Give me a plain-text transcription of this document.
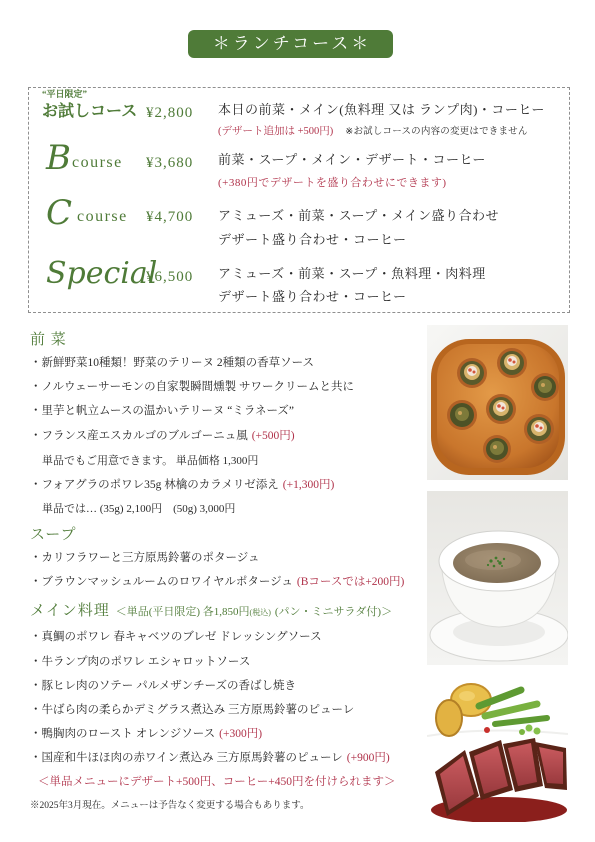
＊ランチコース＊
“平日限定”
お試しコース ¥2,800 本日の前菜・メイン(魚料理 又は ランプ肉)・コーヒー
(デザート追加は +500円) ※お試しコースの内容の変更はできません
B course ¥3,680 前菜・スープ・メイン・デザート・コーヒー
(+380円でデザートを盛り合わせにできます)
C course ¥4,700 アミューズ・前菜・スープ・メイン盛り合わせ
デザート盛り合わせ・コーヒー
Special
¥6,500 アミューズ・前菜・スープ・魚料理・肉料理
デザート盛り合わせ・コーヒー
前 菜
・新鮮野菜10種類！野菜のテリーヌ 2種類の香草ソース
・ノルウェーサーモンの自家製瞬間燻製 サワークリームと共に
・里芋と帆立ムースの温かいテリーヌ “ミラネーズ”
・フランス産エスカルゴのブルゴーニュ風 (+500円)
単品でもご用意できます。 単品価格 1,300円
・フォアグラのポワレ35g 林檎のカラメリゼ添え (+1,300円)
単品では… (35g) 2,100円　(50g) 3,000円
スープ
・カリフラワーと三方原馬鈴薯のポタージュ
・ブラウンマッシュルームのロワイヤルポタージュ (Bコースでは+200円)
メイン料理 ＜単品(平日限定) 各1,850円(税込) (パン・ミニサラダ付)＞
・真鯛のポワレ 春キャベツのブレゼ ドレッシングソース
・牛ランプ肉のポワレ エシャロットソース
・豚ヒレ肉のソテー パルメザンチーズの香ばし焼き
・牛ばら肉の柔らかデミグラス煮込み 三方原馬鈴薯のピューレ
・鴨胸肉のロースト オレンジソース (+300円)
・国産和牛ほほ肉の赤ワイン煮込み 三方原馬鈴薯のピューレ (+900円)
＜単品メニューにデザート+500円、コーヒー+450円を付けられます＞
※2025年3月現在。メニューは予告なく変更する場合もあります。
